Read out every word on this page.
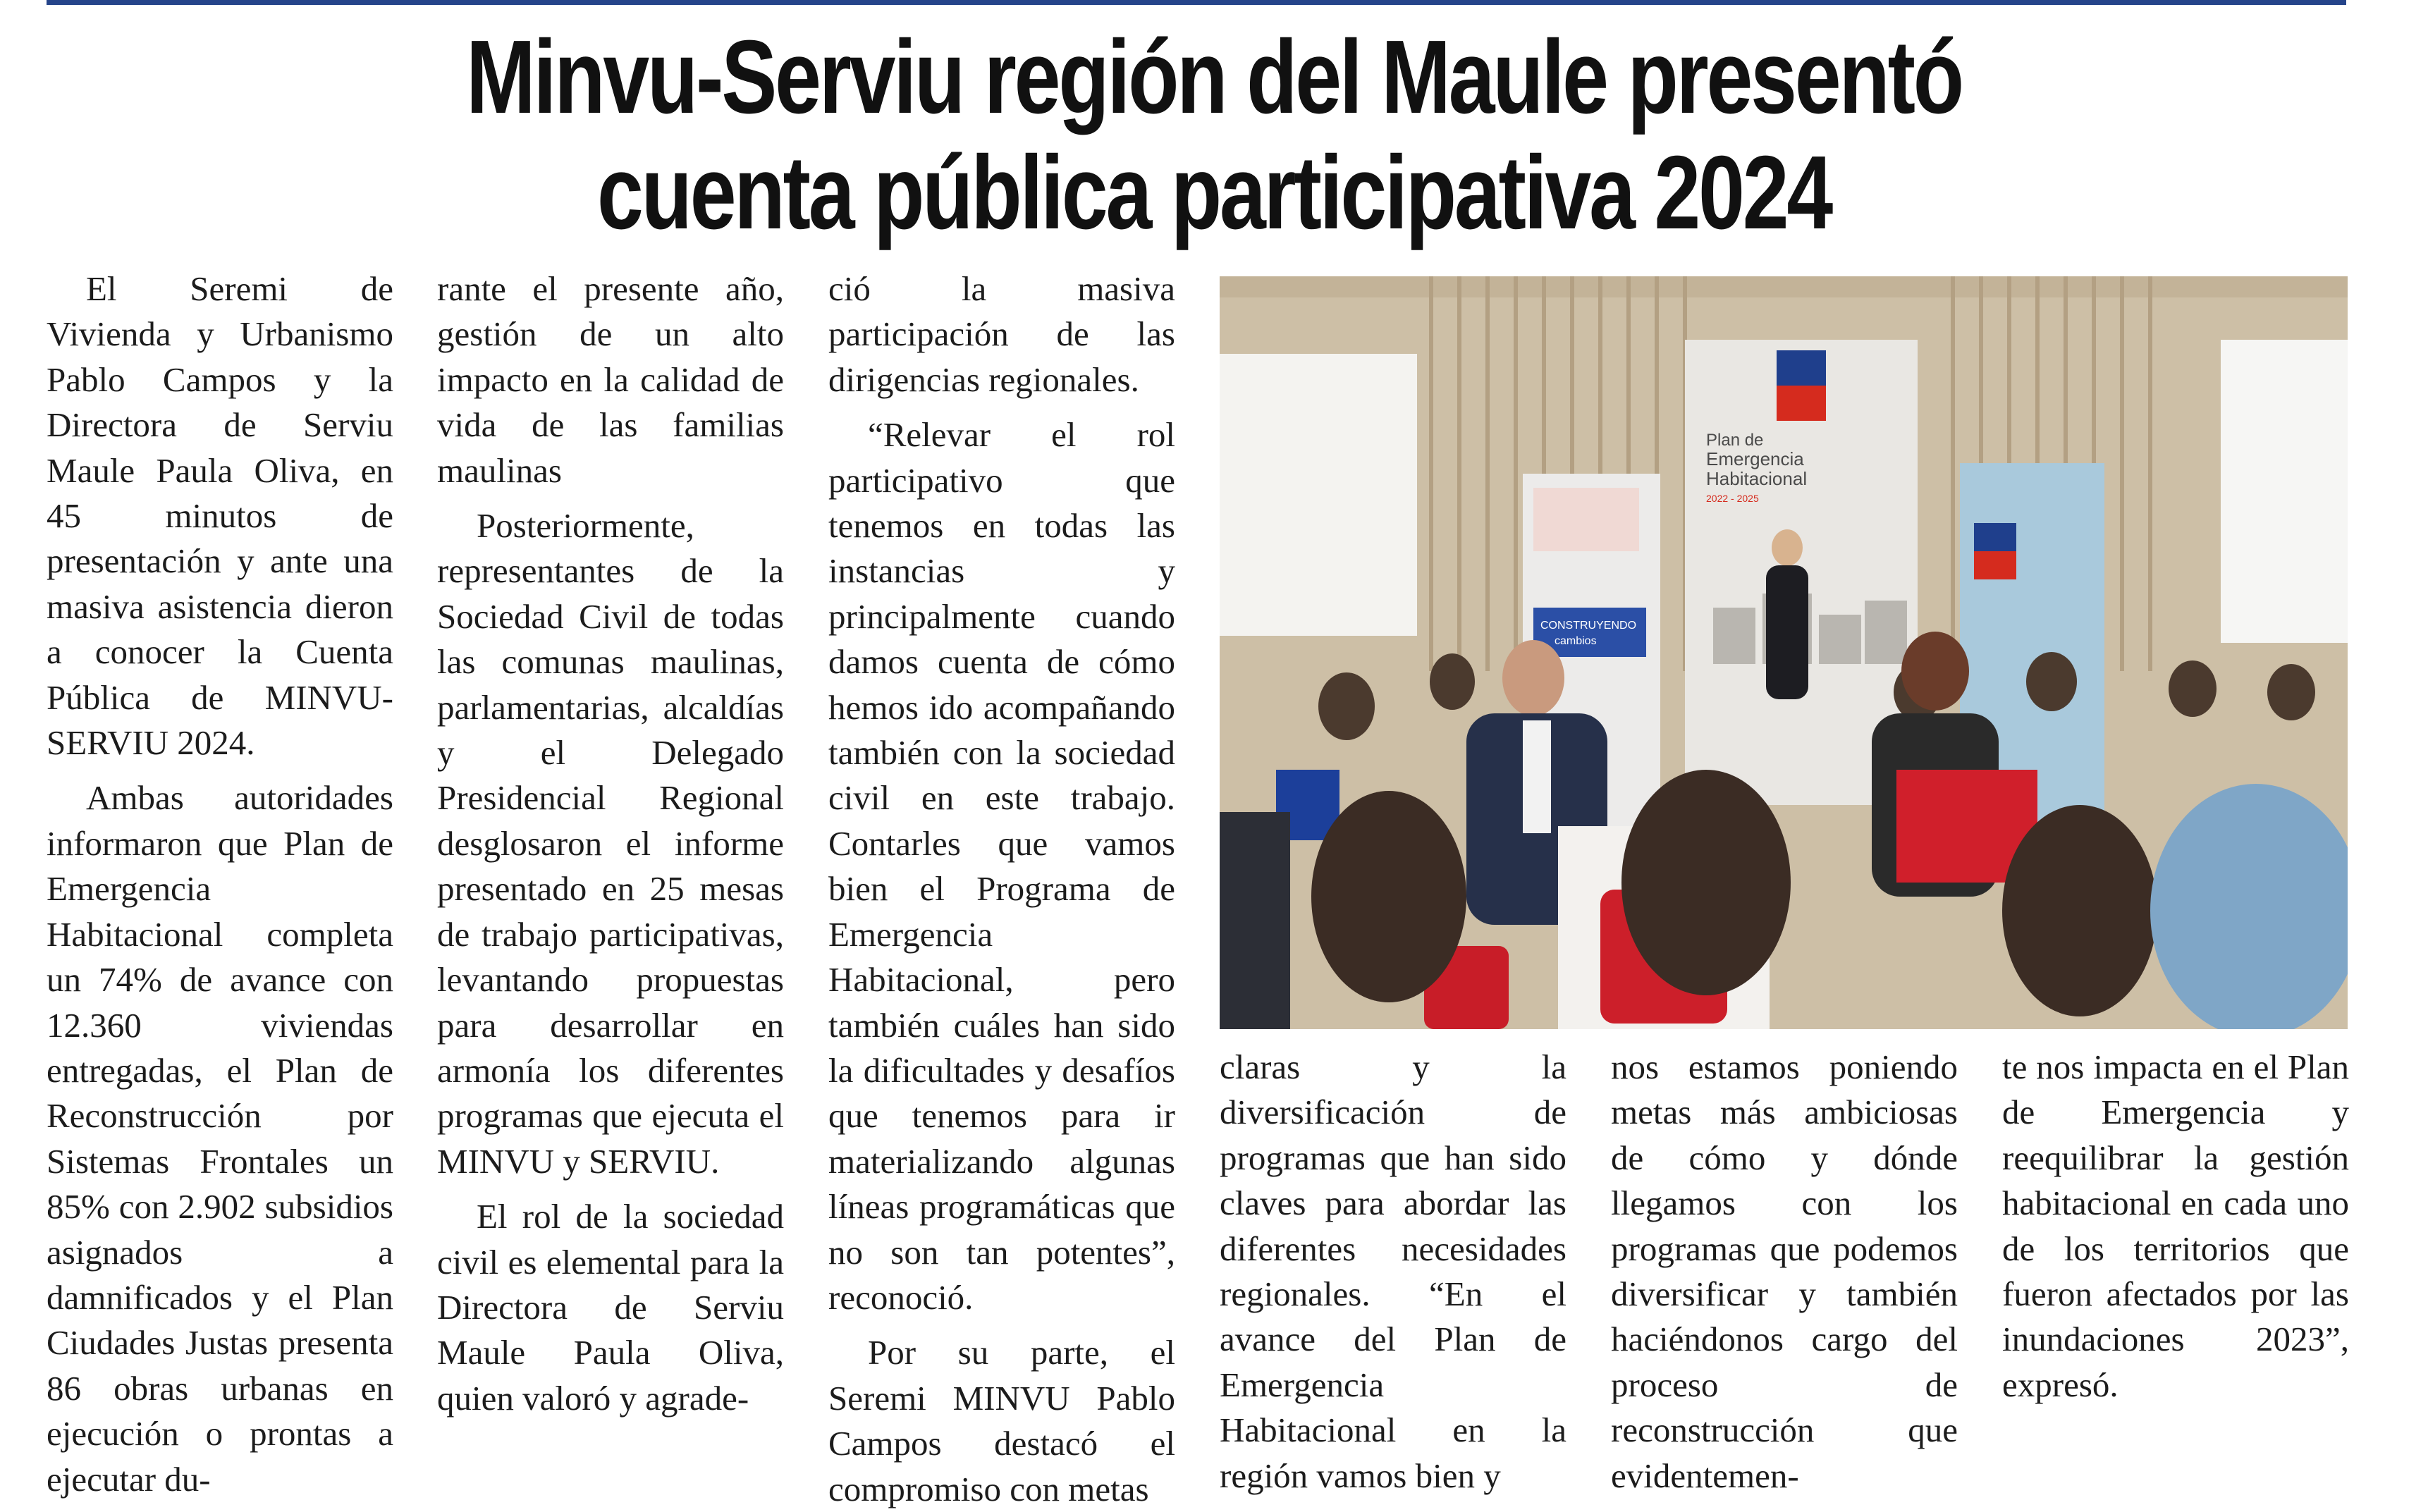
Minvu-Serviu región del Maule presentó
cuenta pública participativa 2024

El Seremi de Vivienda y Urbanismo Pablo Campos y la Directora de Serviu Maule Paula Oliva, en 45 minutos de presentación y ante una masiva asistencia dieron a conocer la Cuenta Pública de MINVU-SERVIU 2024.

Ambas autoridades informaron que Plan de Emergencia Habitacional completa un 74% de avance con 12.360 viviendas entregadas, el Plan de Reconstrucción por Sistemas Frontales un 85% con 2.902 subsidios asignados a damnificados y el Plan Ciudades Justas presenta 86 obras urbanas en ejecución o prontas a ejecutar du-

rante el presente año, gestión de un alto impacto en la calidad de vida de las familias maulinas

Posteriormente, representantes de la Sociedad Civil de todas las comunas maulinas, parlamentarias, alcaldías y el Delegado Presidencial Regional desglosaron el informe presentado en 25 mesas de trabajo participativas, levantando propuestas para desarrollar en armonía los diferentes programas que ejecuta el MINVU y SERVIU.

El rol de la sociedad civil es elemental para la Directora de Serviu Maule Paula Oliva, quien valoró y agrade-

ció la masiva participación de las dirigencias regionales.

“Relevar el rol participativo que tenemos en todas las instancias y principalmente cuando damos cuenta de cómo hemos ido acompañando también con la sociedad civil en este trabajo. Contarles que vamos bien el Programa de Emergencia Habitacional, pero también cuáles han sido la dificultades y desafíos que tenemos para ir materializando algunas líneas programáticas que no son tan potentes”, reconoció.

Por su parte, el Seremi MINVU Pablo Campos destacó el compromiso con metas

Plan de
Emergencia
Habitacional
2022 - 2025
CONSTRUYENDO
cambios

claras y la diversificación de programas que han sido claves para abordar las diferentes necesidades regionales. “En el avance del Plan de Emergencia Habitacional en la región vamos bien y

nos estamos poniendo metas más ambiciosas de cómo y dónde llegamos con los programas que podemos diversificar y también haciéndonos cargo del proceso de reconstrucción que evidentemen-

te nos impacta en el Plan de Emergencia y reequilibrar la gestión habitacional en cada uno de los territorios que fueron afectados por las inundaciones 2023”, expresó.
